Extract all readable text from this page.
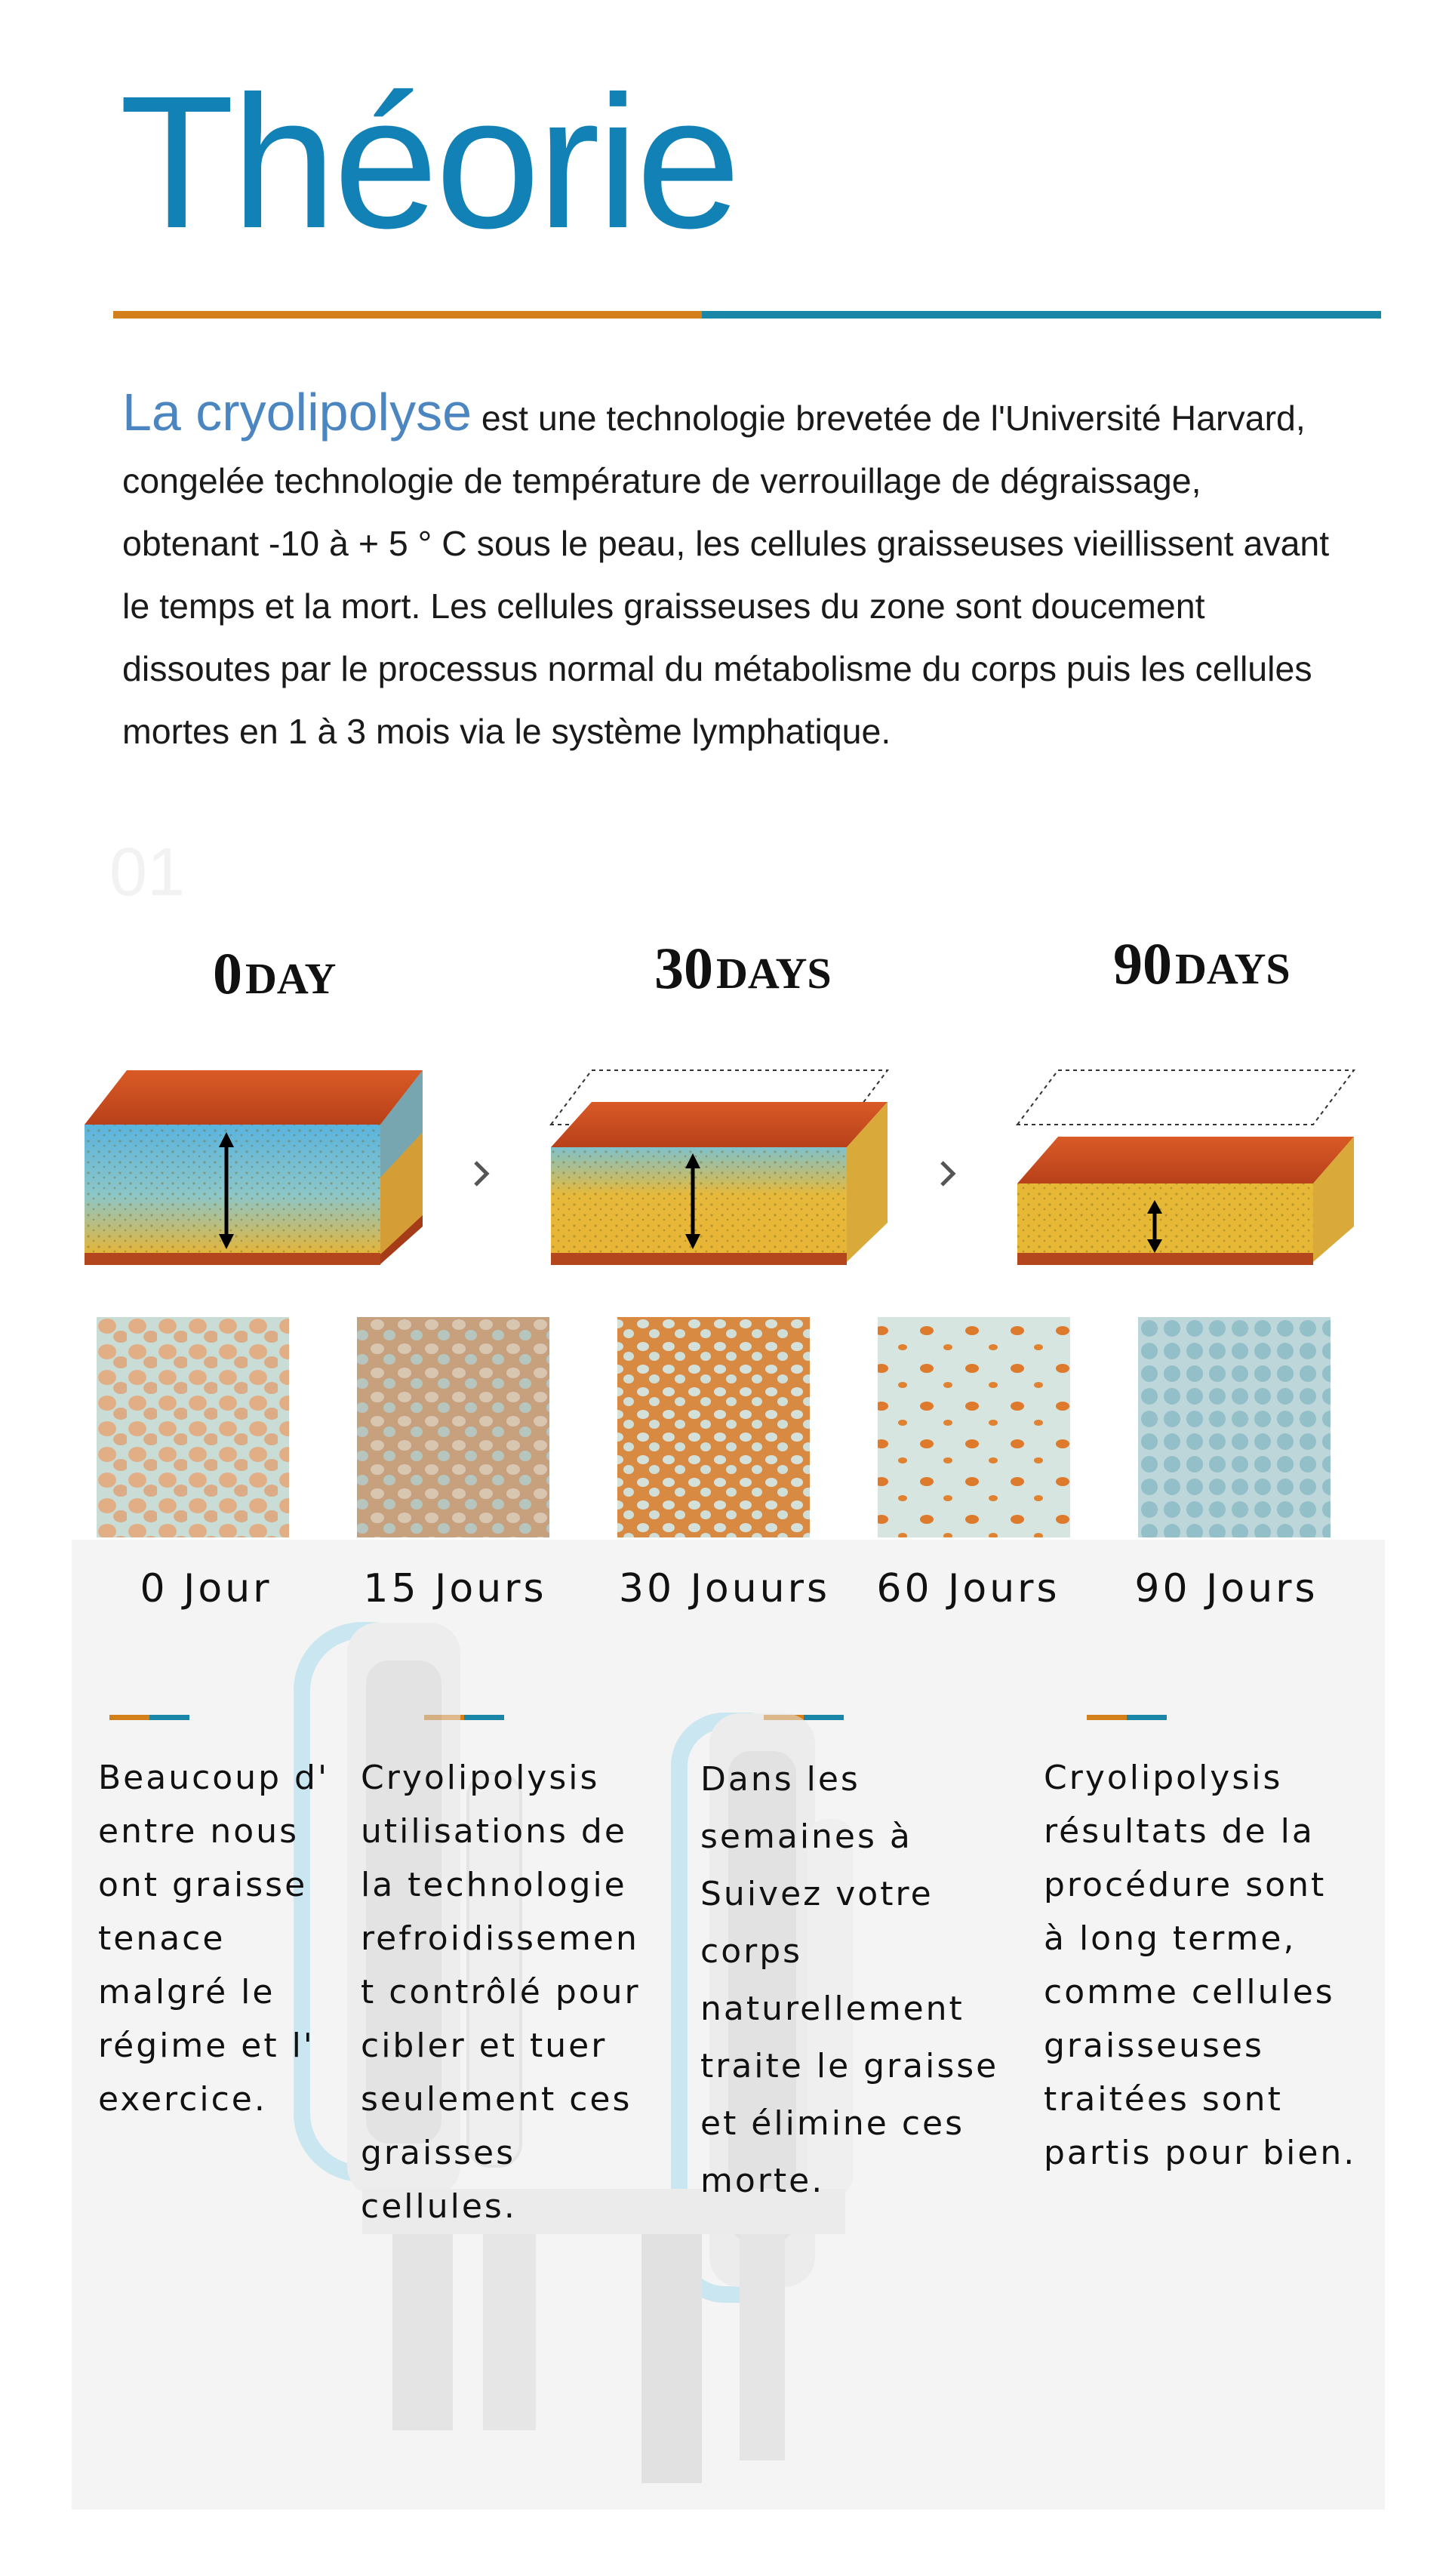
Théorie
La cryolipolyse est une technologie brevetée de l'Université Harvard, congelée technologie de température de verrouillage de dégraissage, obtenant -10 à + 5 ° C sous le peau, les cellules graisseuses vieillissent avant le temps et la mort. Les cellules graisseuses du zone sont doucement dissoutes par le processus normal du métabolisme du corps puis les cellules mortes en 1 à 3 mois via le système lymphatique.
01
0 DAY	30 DAYS	90 DAYS
0 Jour	15 Jours	30 Jouurs	60 Jours	90 Jours
Beaucoup d'
entre nous
ont graisse
tenace
malgré le
régime et l'
exercice.
Cryolipolysis
utilisations de
la technologie
refroidissemen
t contrôlé pour
cibler et tuer
seulement ces
graisses
cellules.
Dans les
semaines à
Suivez votre
corps
naturellement
traite le graisse
et élimine ces
morte.
Cryolipolysis
résultats de la
procédure sont
à long terme,
comme cellules
graisseuses
traitées sont
partis pour bien.
